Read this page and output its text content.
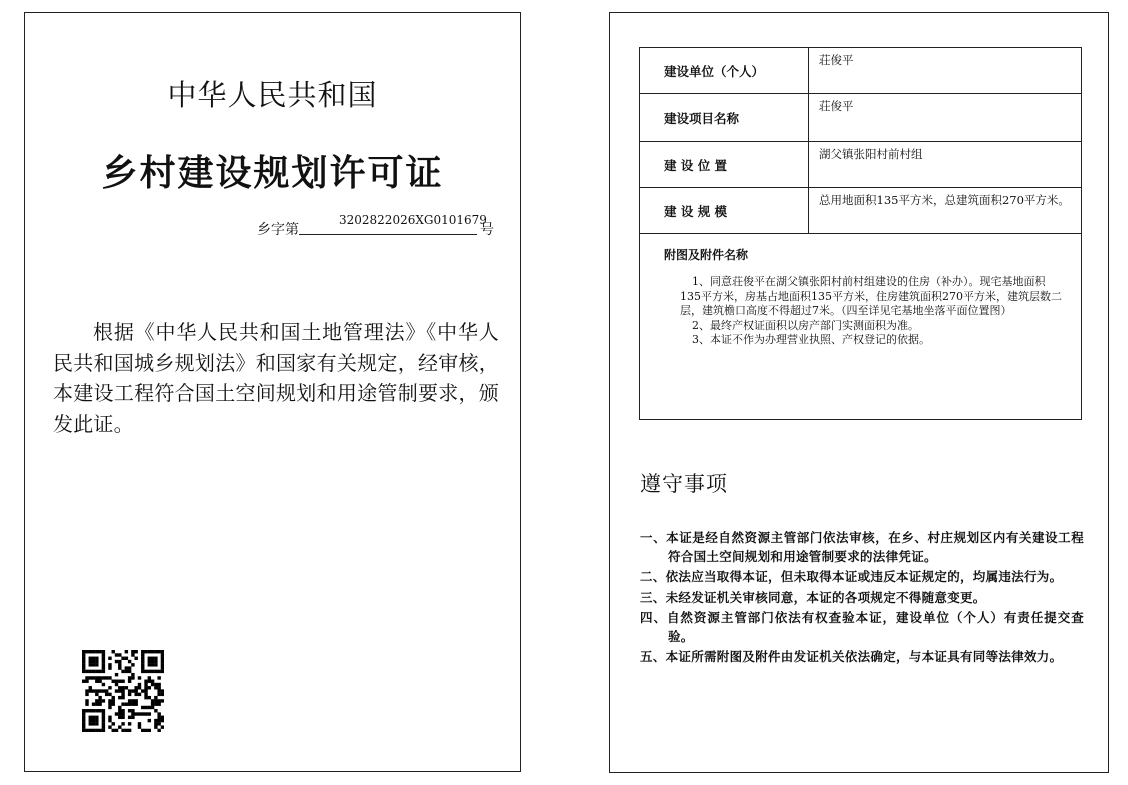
中华人民共和国
乡村建设规划许可证
乡字第
3202822026XG0101679
号
根据《中华人民共和国土地管理法》《中华人民共和国城乡规划法》和国家有关规定，经审核，本建设工程符合国土空间规划和用途管制要求，颁发此证。
建设单位（个人）	荘俊平
建设项目名称	荘俊平
建 设 位 置	湖父镇张阳村前村组
建 设 规 模	总用地面积135平方米，总建筑面积270平方米。

附图及附件名称
1、同意荘俊平在湖父镇张阳村前村组建设的住房（补办）。现宅基地面积135平方米，房基占地面积135平方米，住房建筑面积270平方米，建筑层数二层，建筑檐口高度不得超过7米。（四至详见宅基地坐落平面位置图）
2、最终产权证面积以房产部门实测面积为准。
3、本证不作为办理营业执照、产权登记的依据。	
遵守事项
一、本证是经自然资源主管部门依法审核，在乡、村庄规划区内有关建设工程符合国土空间规划和用途管制要求的法律凭证。
二、依法应当取得本证，但未取得本证或违反本证规定的，均属违法行为。
三、未经发证机关审核同意，本证的各项规定不得随意变更。
四、自然资源主管部门依法有权查验本证，建设单位（个人）有责任提交查验。
五、本证所需附图及附件由发证机关依法确定，与本证具有同等法律效力。
